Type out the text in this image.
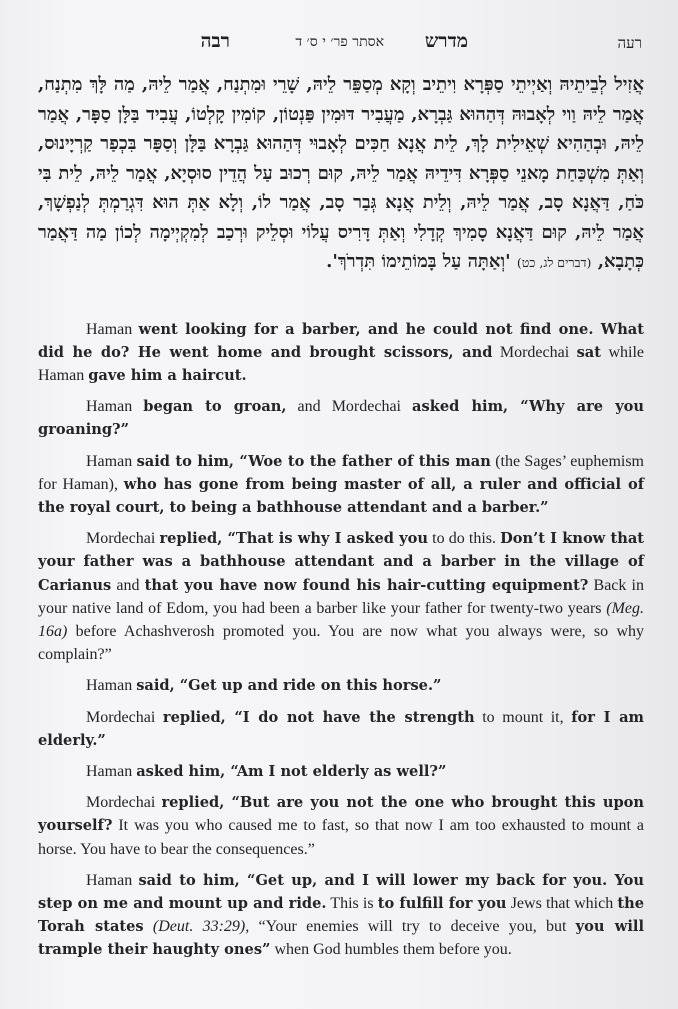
רעה
מדרש
אסתר פר׳ י ס׳ ד
רבה
אֲזִיל לְבֵיתֵיהּ וְאַיְיתֵי סַפְּרָא וִיתֵיב וְקָא מְסַפֵּר לֵיהּ, שָׁרֵי וּמִתְנַח, אֲמַר לֵיהּ, מַה לָּךְ מִתְנַח, אֲמַר לֵיהּ וַוי לְאָבוּהּ דְּהַהוּא גַּבְרָא, מַעֲבִיר דּוּמִין פַּנְטוֹן, קוֹמִין קָלְטוֹ, עֲבִיד בַּלָּן סַפָּר, אֲמַר לֵיהּ, וּבְהַהִיא שְׁאֵילִית לָךְ, לֵית אֲנָא חַכִּים לְאָבוּי דְּהַהוּא גַּבְרָא בַּלָּן וְסַפָּר בִּכְפַר קַרְיָינוּס, וְאַתְּ מִשְׁכַּחַת מָאנֵי סַפְּרָא דִּידֵיהּ אֲמַר לֵיהּ, קוּם רְכוּב עַל הֲדֵין סוּסְיָא, אֲמַר לֵיהּ, לֵית בִּי כֹּחַ, דַּאֲנָא סָב, אֲמַר לֵיהּ, וְלֵית אֲנָא גְּבַר סָב, אֲמַר לוֹ, וְלָא אַתְּ הוּא דִּגְרַמְתְּ לְנַפְשָׁךְ, אֲמַר לֵיהּ, קוּם דַּאֲנָא סָמִיךְ קְדָלִי וְאַתְּ דָּרִיס עֲלוֹי וּסְלֵיק וּרְכַב לְמִקְיְימָה לְכוֹן מַה דַּאֲמַר כְּתָבָא, (דברים לג, כט) 'וְאַתָּה עַל בָּמוֹתֵימוֹ תִּדְרֹךְ'.

Haman went looking for a barber, and he could not find one. What did he do? He went home and brought scissors, and Mordechai sat while Haman gave him a haircut.

Haman began to groan, and Mordechai asked him, “Why are you groaning?”

Haman said to him, “Woe to the father of this man (the Sages’ euphemism for Haman), who has gone from being master of all, a ruler and official of the royal court, to being a bathhouse attendant and a barber.”

Mordechai replied, “That is why I asked you to do this. Don’t I know that your father was a bathhouse attendant and a barber in the village of Carianus and that you have now found his hair-cutting equipment? Back in your native land of Edom, you had been a barber like your father for twenty-two years (Meg. 16a) before Achashverosh promoted you. You are now what you always were, so why complain?”

Haman said, “Get up and ride on this horse.”

Mordechai replied, “I do not have the strength to mount it, for I am elderly.”

Haman asked him, “Am I not elderly as well?”

Mordechai replied, “But are you not the one who brought this upon yourself? It was you who caused me to fast, so that now I am too exhausted to mount a horse. You have to bear the consequences.”

Haman said to him, “Get up, and I will lower my back for you. You step on me and mount up and ride. This is to fulfill for you Jews that which the Torah states (Deut. 33:29), “Your enemies will try to deceive you, but you will trample their haughty ones” when God humbles them before you.
